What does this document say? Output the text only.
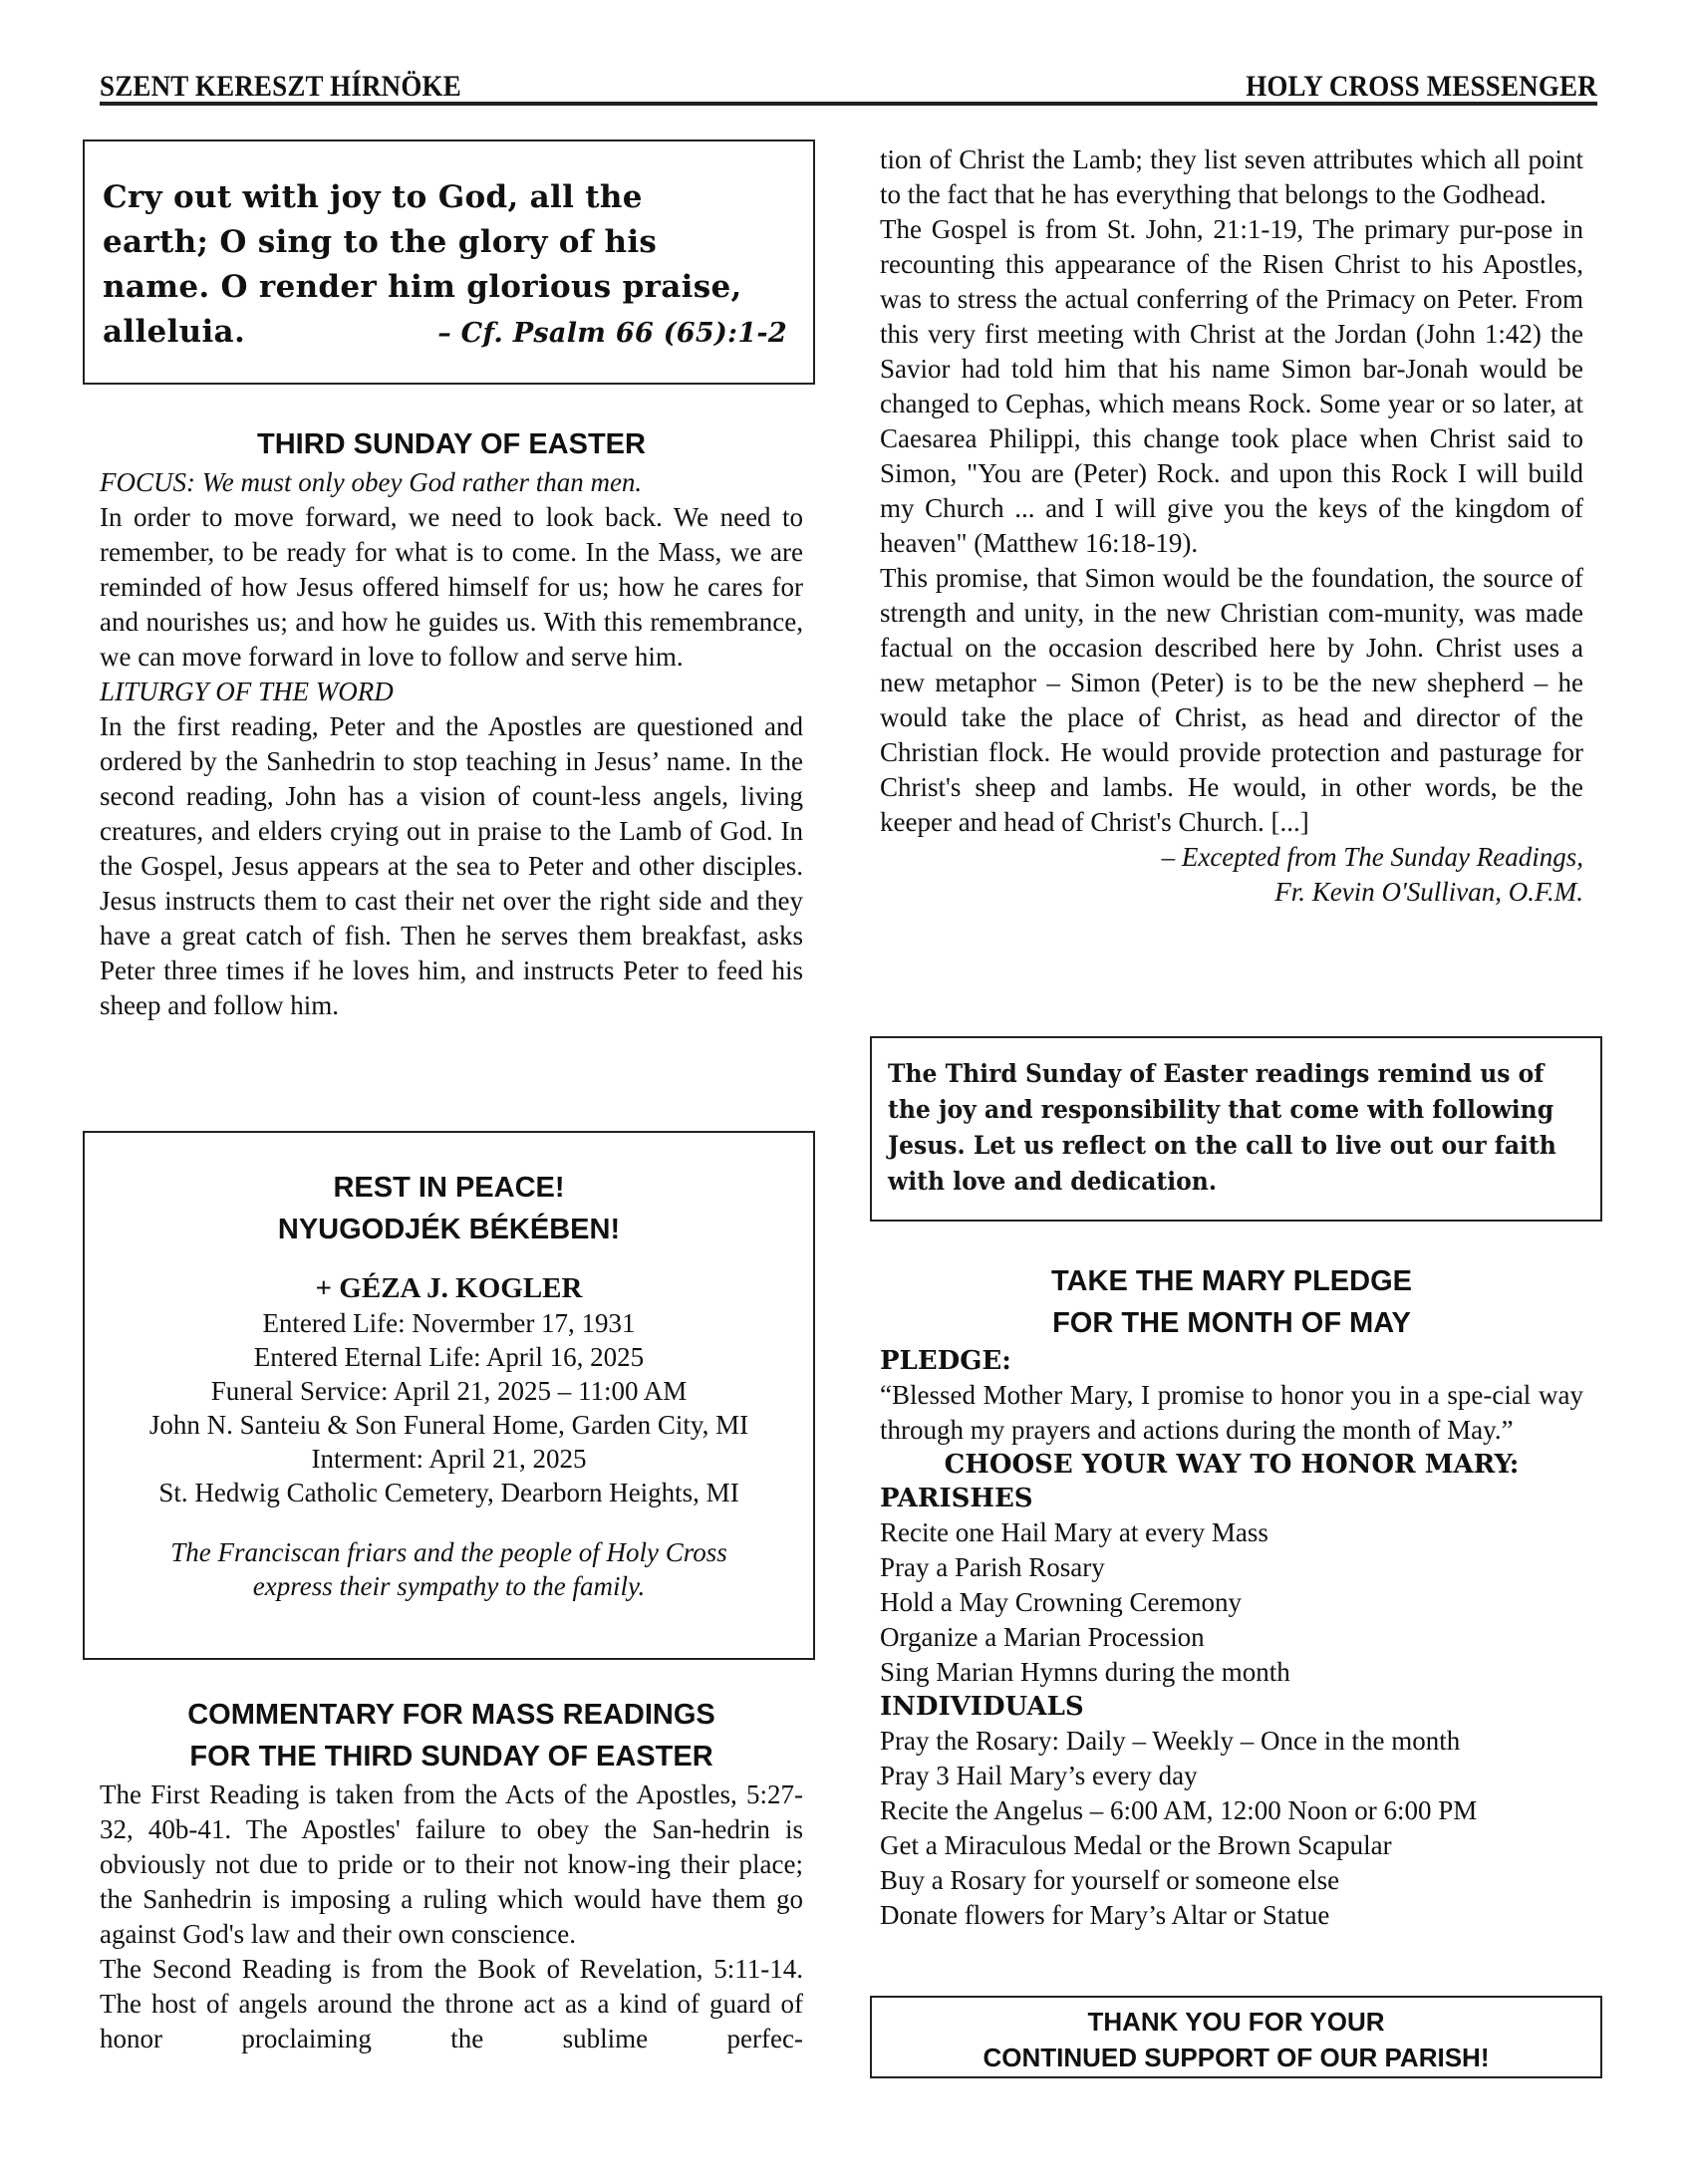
SZENT KERESZT HÍRNÖKE	HOLY CROSS MESSENGER

Cry out with joy to God, all the

earth; O sing to the glory of his

name. O render him glorious praise,

alleluia.	– Cf. Psalm 66 (65):1-2
THIRD SUNDAY OF EASTER

FOCUS: We must only obey God rather than men.

In order to move forward, we need to look back. We need to remember, to be ready for what is to come. In the Mass, we are reminded of how Jesus offered himself for us; how he cares for and nourishes us; and how he guides us. With this remembrance, we can move forward in love to follow and serve him.

LITURGY OF THE WORD

In the first reading, Peter and the Apostles are questioned and ordered by the Sanhedrin to stop teaching in Jesus’ name. In the second reading, John has a vision of count-less angels, living creatures, and elders crying out in praise to the Lamb of God. In the Gospel, Jesus appears at the sea to Peter and other disciples. Jesus instructs them to cast their net over the right side and they have a great catch of fish. Then he serves them breakfast, asks Peter three times if he loves him, and instructs Peter to feed his sheep and follow him.

REST IN PEACE!
NYUGODJÉK BÉKÉBEN!
+ GÉZA J. KOGLER
Entered Life: Novermber 17, 1931
Entered Eternal Life: April 16, 2025
Funeral Service: April 21, 2025 – 11:00 AM
John N. Santeiu & Son Funeral Home, Garden City, MI
Interment: April 21, 2025
St. Hedwig Catholic Cemetery, Dearborn Heights, MI
The Franciscan friars and the people of Holy Cross
express their sympathy to the family.
COMMENTARY FOR MASS READINGS
FOR THE THIRD SUNDAY OF EASTER

The First Reading is taken from the Acts of the Apostles, 5:27-32, 40b-41. The Apostles' failure to obey the San-hedrin is obviously not due to pride or to their not know-ing their place; the Sanhedrin is imposing a ruling which would have them go against God's law and their own conscience.

The Second Reading is from the Book of Revelation, 5:11-14. The host of angels around the throne act as a kind of guard of honor proclaiming the sublime perfec-

tion of Christ the Lamb; they list seven attributes which all point to the fact that he has everything that belongs to the Godhead.

The Gospel is from St. John, 21:1-19, The primary pur-pose in recounting this appearance of the Risen Christ to his Apostles, was to stress the actual conferring of the Primacy on Peter. From this very first meeting with Christ at the Jordan (John 1:42) the Savior had told him that his name Simon bar-Jonah would be changed to Cephas, which means Rock. Some year or so later, at Caesarea Philippi, this change took place when Christ said to Simon, "You are (Peter) Rock. and upon this Rock I will build my Church ... and I will give you the keys of the kingdom of heaven" (Matthew 16:18-19).

This promise, that Simon would be the foundation, the source of strength and unity, in the new Christian com-munity, was made factual on the occasion described here by John. Christ uses a new metaphor – Simon (Peter) is to be the new shepherd – he would take the place of Christ, as head and director of the Christian flock. He would provide protection and pasturage for Christ's sheep and lambs. He would, in other words, be the keeper and head of Christ's Church. [...]

– Excepted from The Sunday Readings,
Fr. Kevin O'Sullivan, O.F.M.

The Third Sunday of Easter readings remind us of the joy and responsibility that come with following Jesus. Let us reflect on the call to live out our faith with love and dedication.

TAKE THE MARY PLEDGE
FOR THE MONTH OF MAY

PLEDGE:

“Blessed Mother Mary, I promise to honor you in a spe-cial way through my prayers and actions during the month of May.”

CHOOSE YOUR WAY TO HONOR MARY:

PARISHES

Recite one Hail Mary at every Mass
Pray a Parish Rosary
Hold a May Crowning Ceremony
Organize a Marian Procession
Sing Marian Hymns during the month

INDIVIDUALS

Pray the Rosary: Daily – Weekly – Once in the month
Pray 3 Hail Mary’s every day
Recite the Angelus – 6:00 AM, 12:00 Noon or 6:00 PM
Get a Miraculous Medal or the Brown Scapular
Buy a Rosary for yourself or someone else
Donate flowers for Mary’s Altar or Statue
THANK YOU FOR YOUR
CONTINUED SUPPORT OF OUR PARISH!
